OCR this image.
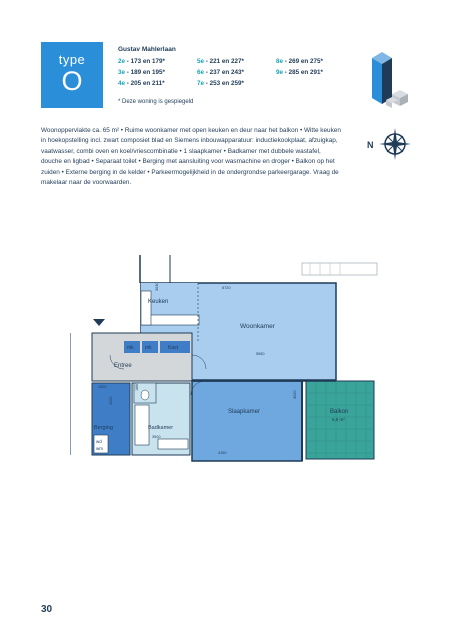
type
O
Gustav Mahlerlaan
2e - 173 en 179*
3e - 189 en 195*
4e - 205 en 211*
5e - 221 en 227*
6e - 237 en 243*
7e - 253 en 259*
8e - 269 en 275*
9e - 285 en 291*
* Deze woning is gespiegeld
N
Woonoppervlakte ca. 65 m² • Ruime woonkamer met open keuken en deur naar het balkon • Witte keuken in hoekopstelling incl. zwart composiet blad en Siemens inbouwapparatuur: inductiekookplaat, afzuigkap, vaatwasser, combi oven en koel/vriescombinatie • 1 slaapkamer • Badkamer met dubbele wastafel, douche en ligbad • Separaat toilet • Berging met aansluiting voor wasmachine en droger • Balkon op het zuiden • Externe berging in de kelder • Parkeermogelijkheid in de ondergrondse parkeergarage. Vraag de makelaar naar de voorwaarden.
Keuken
Woonkamer
Entree
Slaapkamer
Badkamer
Berging
Balkon
6,8 m²
mk mk	Kast
wd
wm
8720
3030
5550
1500	1880
3500
4150
3020
2200
30
